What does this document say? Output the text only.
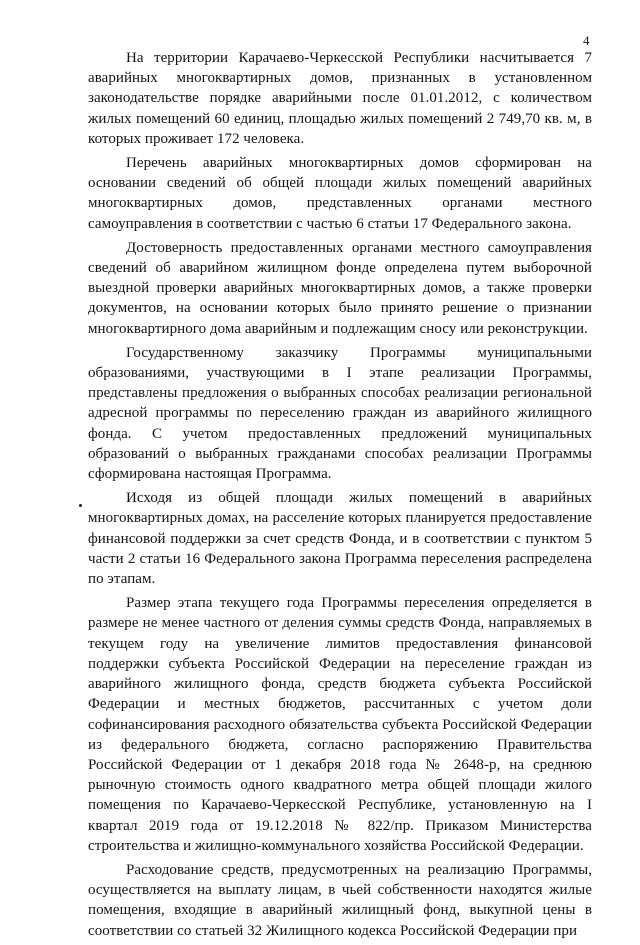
4

На территории Карачаево-Черкесской Республики насчитывается 7 аварийных многоквартирных домов, признанных в установленном законодательстве порядке аварийными после 01.01.2012, с количеством жилых помещений 60 единиц, площадью жилых помещений 2 749,70 кв. м, в которых проживает 172 человека.

Перечень аварийных многоквартирных домов сформирован на основании сведений об общей площади жилых помещений аварийных многоквартирных домов, представленных органами местного самоуправления в соответствии с частью 6 статьи 17 Федерального закона.

Достоверность предоставленных органами местного самоуправления сведений об аварийном жилищном фонде определена путем выборочной выездной проверки аварийных многоквартирных домов, а также проверки документов, на основании которых было принято решение о признании многоквартирного дома аварийным и подлежащим сносу или реконструкции.

Государственному заказчику Программы муниципальными образованиями, участвующими в I этапе реализации Программы, представлены предложения о выбранных способах реализации региональной адресной программы по переселению граждан из аварийного жилищного фонда. С учетом предоставленных предложений муниципальных образований о выбранных гражданами способах реализации Программы сформирована настоящая Программа.

Исходя из общей площади жилых помещений в аварийных многоквартирных домах, на расселение которых планируется предоставление финансовой поддержки за счет средств Фонда, и в соответствии с пунктом 5 части 2 статьи 16 Федерального закона Программа переселения распределена по этапам.

Размер этапа текущего года Программы переселения определяется в размере не менее частного от деления суммы средств Фонда, направляемых в текущем году на увеличение лимитов предоставления финансовой поддержки субъекта Российской Федерации на переселение граждан из аварийного жилищного фонда, средств бюджета субъекта Российской Федерации и местных бюджетов, рассчитанных с учетом доли софинансирования расходного обязательства субъекта Российской Федерации из федерального бюджета, согласно распоряжению Правительства Российской Федерации от 1 декабря 2018 года № 2648-р, на среднюю рыночную стоимость одного квадратного метра общей площади жилого помещения по Карачаево-Черкесской Республике, установленную на I квартал 2019 года от 19.12.2018 № 822/пр. Приказом Министерства строительства и жилищно-коммунального хозяйства Российской Федерации.

Расходование средств, предусмотренных на реализацию Программы, осуществляется на выплату лицам, в чьей собственности находятся жилые помещения, входящие в аварийный жилищный фонд, выкупной цены в соответствии со статьей 32 Жилищного кодекса Российской Федерации при
